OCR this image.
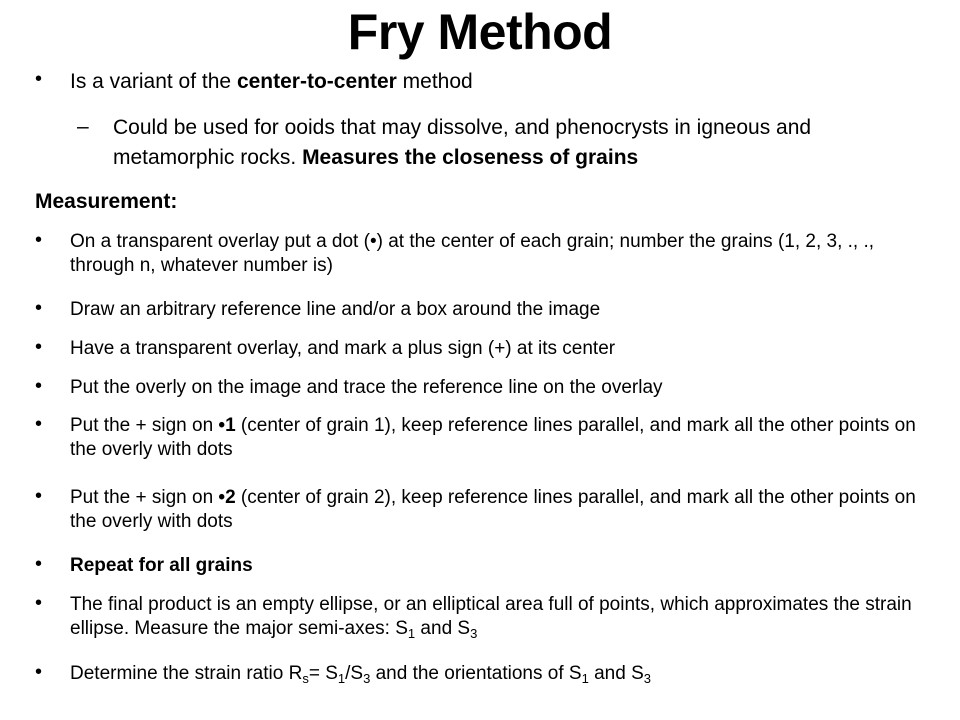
Fry Method
• Is a variant of the center-to-center method
– Could be used for ooids that may dissolve, and phenocrysts in igneous and metamorphic rocks. Measures the closeness of grains
Measurement:
• On a transparent overlay put a dot (•) at the center of each grain; number the grains (1, 2, 3, ., ., through n, whatever number is)
• Draw an arbitrary reference line and/or a box around the image
• Have a transparent overlay, and mark a plus sign (+) at its center
• Put the overly on the image and trace the reference line on the overlay
• Put the + sign on •1 (center of grain 1), keep reference lines parallel, and mark all the other points on the overly with dots
• Put the + sign on •2 (center of grain 2), keep reference lines parallel, and mark all the other points on the overly with dots
• Repeat for all grains
• The final product is an empty ellipse, or an elliptical area full of points, which approximates the strain ellipse. Measure the major semi-axes: $S_1$ and $S_3$
• Determine the strain ratio $R_s= S_1/S_3$ and the orientations of $S_1$ and $S_3$
